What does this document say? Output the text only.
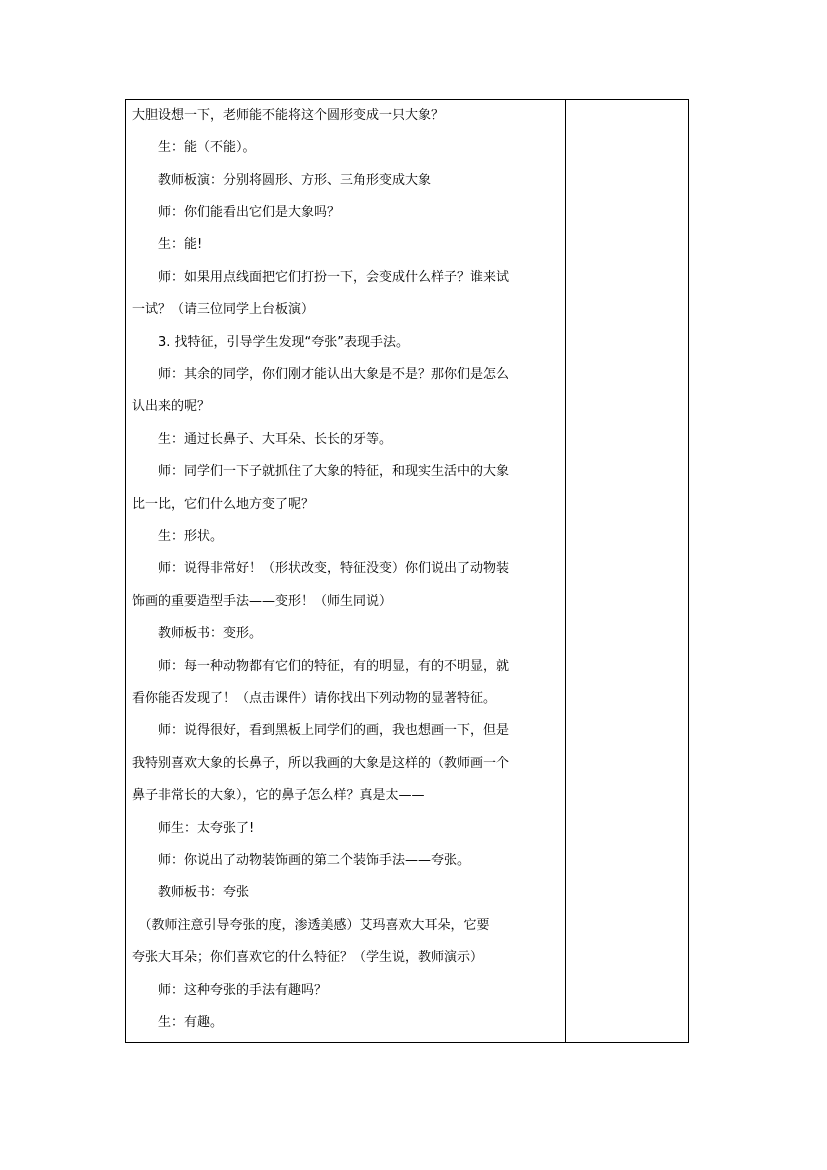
大胆设想一下，老师能不能将这个圆形变成一只大象？
　　生：能（不能）。
　　教师板演：分别将圆形、方形、三角形变成大象
　　师：你们能看出它们是大象吗？
　　生：能!
　　师：如果用点线面把它们打扮一下，会变成什么样子？谁来试
一试？（请三位同学上台板演）
　　3. 找特征，引导学生发现“夸张”表现手法。
　　师：其余的同学，你们刚才能认出大象是不是？那你们是怎么
认出来的呢？
　　生：通过长鼻子、大耳朵、长长的牙等。
　　师：同学们一下子就抓住了大象的特征，和现实生活中的大象
比一比，它们什么地方变了呢？
　　生：形状。
　　师：说得非常好！（形状改变，特征没变）你们说出了动物装
饰画的重要造型手法——变形！（师生同说）
　　教师板书：变形。
　　师：每一种动物都有它们的特征，有的明显，有的不明显，就
看你能否发现了！（点击课件）请你找出下列动物的显著特征。
　　师：说得很好，看到黑板上同学们的画，我也想画一下，但是
我特别喜欢大象的长鼻子，所以我画的大象是这样的（教师画一个
鼻子非常长的大象），它的鼻子怎么样？真是太——
　　师生：太夸张了!
　　师：你说出了动物装饰画的第二个装饰手法——夸张。
　　教师板书：夸张
　（教师注意引导夸张的度，渗透美感）艾玛喜欢大耳朵，它要
夸张大耳朵；你们喜欢它的什么特征？（学生说，教师演示）
　　师：这种夸张的手法有趣吗？
　　生：有趣。
